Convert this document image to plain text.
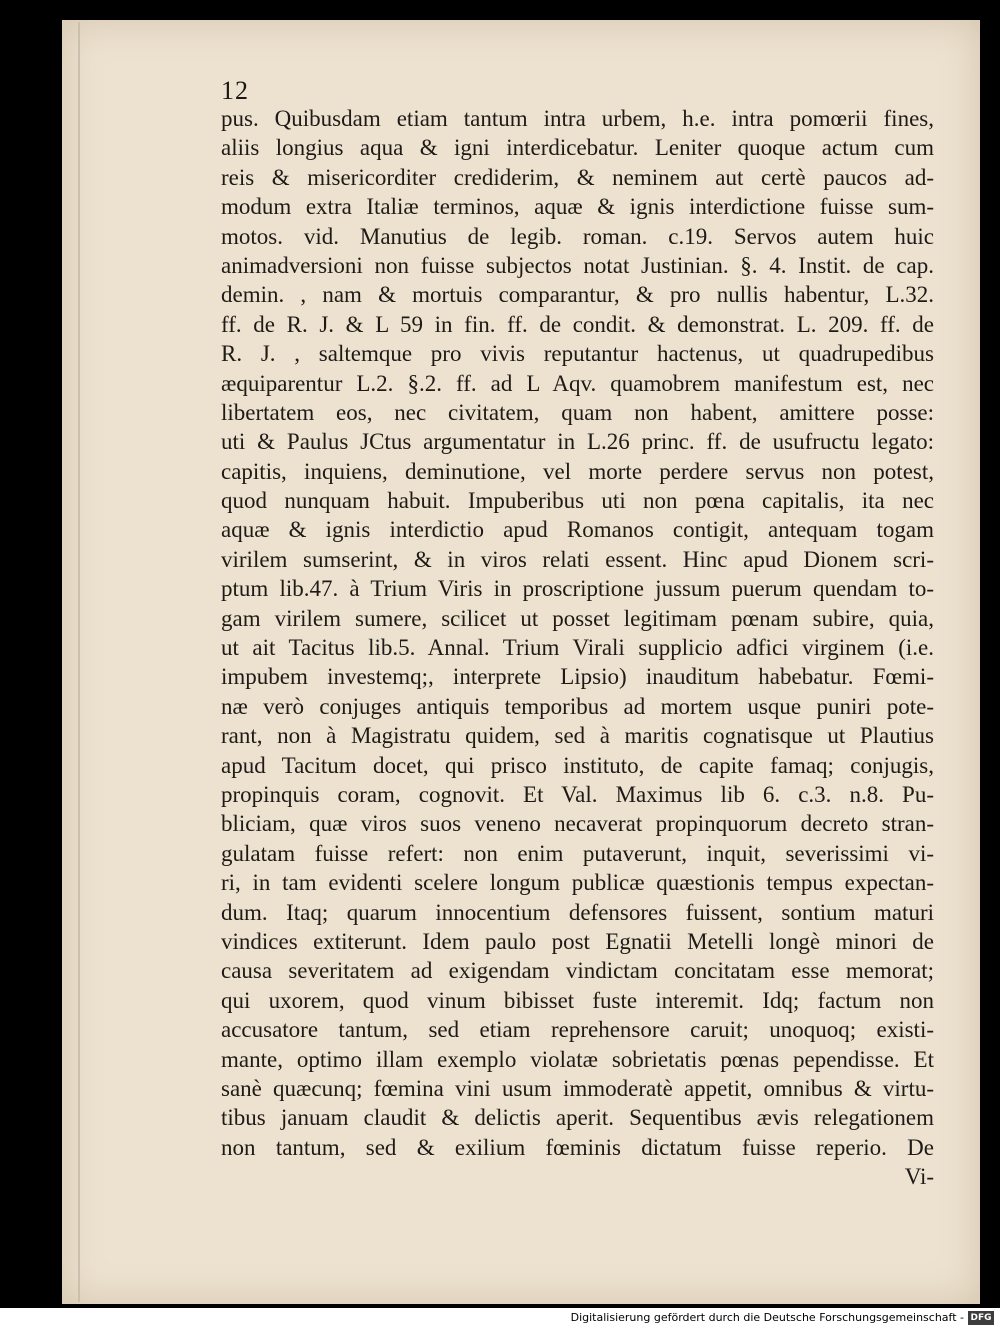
12
pus. Quibusdam etiam tantum intra urbem, h.e. intra pomœrii fines,
aliis longius aqua & igni interdicebatur. Leniter quoque actum cum
reis & misericorditer crediderim, & neminem aut certè paucos ad-
modum extra Italiæ terminos, aquæ & ignis interdictione fuisse sum-
motos. vid. Manutius de legib. roman. c.19. Servos autem huic
animadversioni non fuisse subjectos notat Justinian. §. 4. Instit. de cap.
demin. , nam & mortuis comparantur, & pro nullis habentur, L.32.
ff. de R. J. & L 59 in fin. ff. de condit. & demonstrat. L. 209. ff. de
R. J. , saltemque pro vivis reputantur hactenus, ut quadrupedibus
æquiparentur L.2. §.2. ff. ad L Aqv. quamobrem manifestum est, nec
libertatem eos, nec civitatem, quam non habent, amittere posse:
uti & Paulus JCtus argumentatur in L.26 princ. ff. de usufructu legato:
capitis, inquiens, deminutione, vel morte perdere servus non potest,
quod nunquam habuit. Impuberibus uti non pœna capitalis, ita nec
aquæ & ignis interdictio apud Romanos contigit, antequam togam
virilem sumserint, & in viros relati essent. Hinc apud Dionem scri-
ptum lib.47. à Trium Viris in proscriptione jussum puerum quendam to-
gam virilem sumere, scilicet ut posset legitimam pœnam subire, quia,
ut ait Tacitus lib.5. Annal. Trium Virali supplicio adfici virginem (i.e.
impubem investemq;, interprete Lipsio) inauditum habebatur. Fœmi-
næ verò conjuges antiquis temporibus ad mortem usque puniri pote-
rant, non à Magistratu quidem, sed à maritis cognatisque ut Plautius
apud Tacitum docet, qui prisco instituto, de capite famaq; conjugis,
propinquis coram, cognovit. Et Val. Maximus lib 6. c.3. n.8. Pu-
bliciam, quæ viros suos veneno necaverat propinquorum decreto stran-
gulatam fuisse refert: non enim putaverunt, inquit, severissimi vi-
ri, in tam evidenti scelere longum publicæ quæstionis tempus expectan-
dum. Itaq; quarum innocentium defensores fuissent, sontium maturi
vindices extiterunt. Idem paulo post Egnatii Metelli longè minori de
causa severitatem ad exigendam vindictam concitatam esse memorat;
qui uxorem, quod vinum bibisset fuste interemit. Idq; factum non
accusatore tantum, sed etiam reprehensore caruit; unoquoq; existi-
mante, optimo illam exemplo violatæ sobrietatis pœnas pependisse. Et
sanè quæcunq; fœmina vini usum immoderatè appetit, omnibus & virtu-
tibus januam claudit & delictis aperit. Sequentibus ævis relegationem
non tantum, sed & exilium fœminis dictatum fuisse reperio. De
Vi-
Digitalisierung gefördert durch die Deutsche Forschungsgemeinschaft - DFG
